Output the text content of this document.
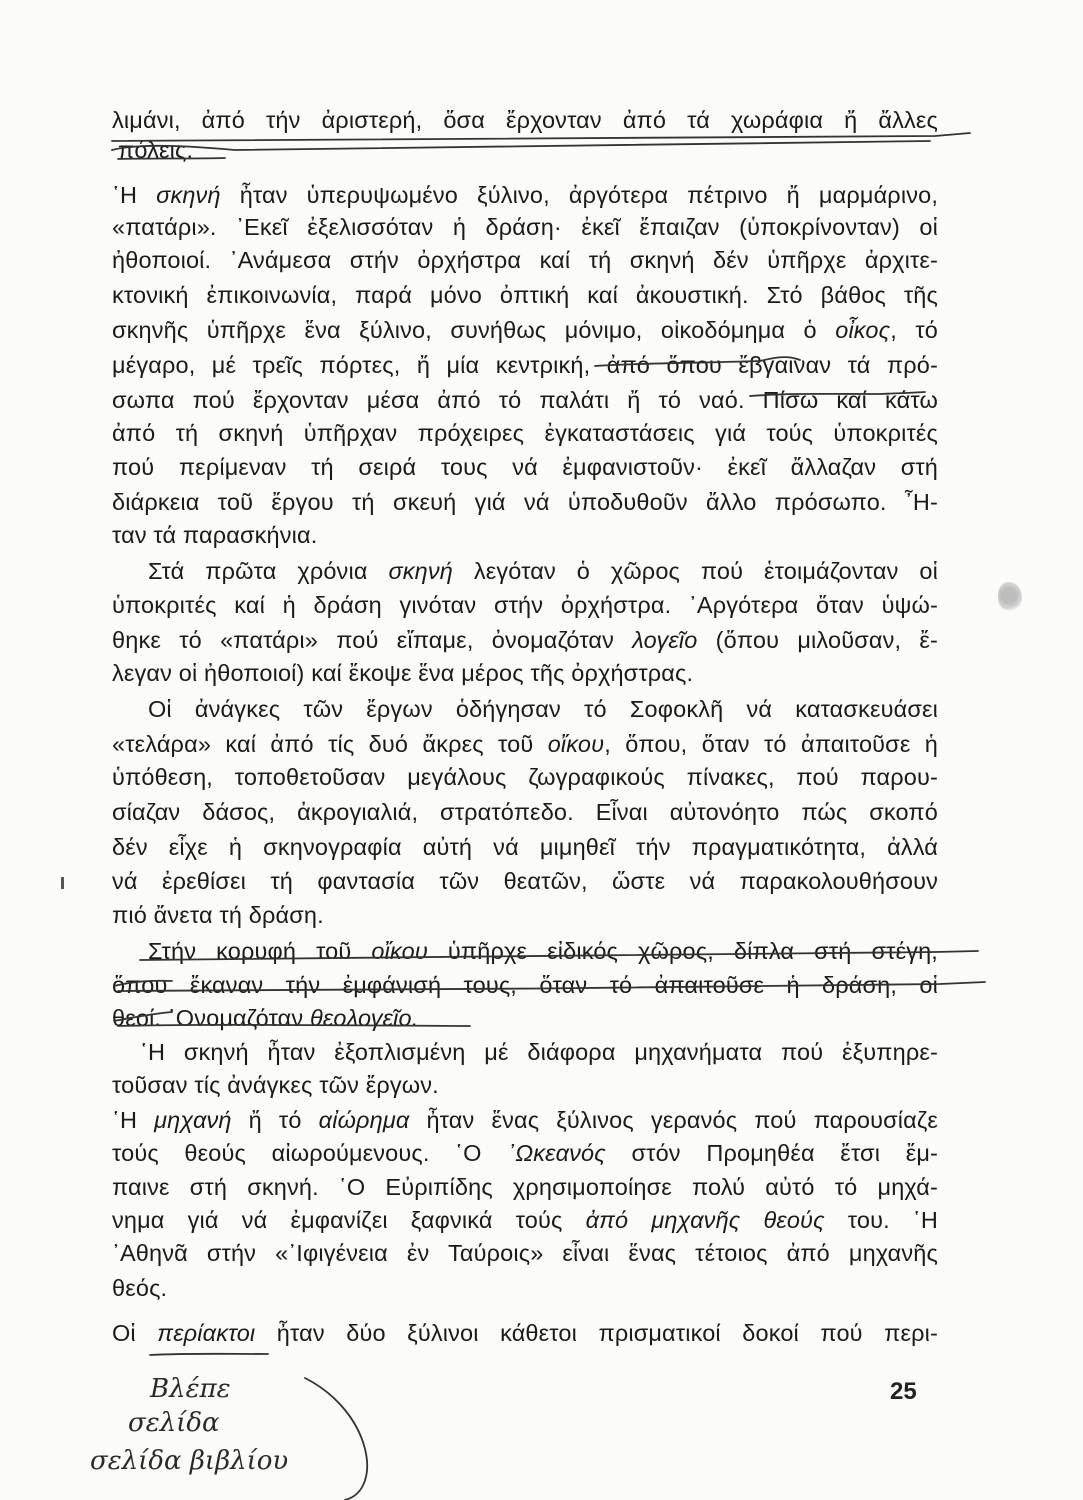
λιμάνι, ἀπό τήν ἀριστερή, ὅσα ἔρχονταν ἀπό τά χωράφια ἤ ἄλλες
πόλεις.
῾Η σκηνή ἦταν ὑπερυψωμένο ξύλινο, ἀργότερα πέτρινο ἤ μαρμάρινο,
«πατάρι». ᾿Εκεῖ ἐξελισσόταν ἡ δράση· ἐκεῖ ἔπαιζαν (ὑποκρίνονταν) οἱ
ἠθοποιοί. ᾿Ανάμεσα στήν ὀρχήστρα καί τή σκηνή δέν ὑπῆρχε ἀρχιτε-
κτονική ἐπικοινωνία, παρά μόνο ὀπτική καί ἀκουστική. Στό βάθος τῆς
σκηνῆς ὑπῆρχε ἕνα ξύλινο, συνήθως μόνιμο, οἰκοδόμημα ὁ οἶκος, τό
μέγαρο, μέ τρεῖς πόρτες, ἤ μία κεντρική, ἀπό ὅπου ἔβγαιναν τά πρό-
σωπα πού ἔρχονταν μέσα ἀπό τό παλάτι ἤ τό ναό. Πίσω καί κάτω
ἀπό τή σκηνή ὑπῆρχαν πρόχειρες ἐγκαταστάσεις γιά τούς ὑποκριτές
πού περίμεναν τή σειρά τους νά ἐμφανιστοῦν· ἐκεῖ ἄλλαζαν στή
διάρκεια τοῦ ἔργου τή σκευή γιά νά ὑποδυθοῦν ἄλλο πρόσωπο. ῏Η-
ταν τά παρασκήνια.
Στά πρῶτα χρόνια σκηνή λεγόταν ὁ χῶρος πού ἑτοιμάζονταν οἱ
ὑποκριτές καί ἡ δράση γινόταν στήν ὀρχήστρα. ᾿Αργότερα ὅταν ὑψώ-
θηκε τό «πατάρι» πού εἴπαμε, ὀνομαζόταν λογεῖο (ὅπου μιλοῦσαν, ἔ-
λεγαν οἱ ἠθοποιοί) καί ἔκοψε ἕνα μέρος τῆς ὀρχήστρας.
Οἱ ἀνάγκες τῶν ἔργων ὁδήγησαν τό Σοφοκλῆ νά κατασκευάσει
«τελάρα» καί ἀπό τίς δυό ἄκρες τοῦ οἴκου, ὅπου, ὅταν τό ἀπαιτοῦσε ἡ
ὑπόθεση, τοποθετοῦσαν μεγάλους ζωγραφικούς πίνακες, πού παρου-
σίαζαν δάσος, ἀκρογιαλιά, στρατόπεδο. Εἶναι αὐτονόητο πώς σκοπό
δέν εἶχε ἡ σκηνογραφία αὐτή νά μιμηθεῖ τήν πραγματικότητα, ἀλλά
νά ἐρεθίσει τή φαντασία τῶν θεατῶν, ὥστε νά παρακολουθήσουν
πιό ἄνετα τή δράση.
Στήν κορυφή τοῦ οἴκου ὑπῆρχε εἰδικός χῶρος, δίπλα στή στέγη,
ὅπου ἔκαναν τήν ἐμφάνισή τους, ὅταν τό ἀπαιτοῦσε ἡ δράση, οἱ
θεοί. ᾿Ονομαζόταν θεολογεῖο.
῾Η σκηνή ἦταν ἐξοπλισμένη μέ διάφορα μηχανήματα πού ἐξυπηρε-
τοῦσαν τίς ἀνάγκες τῶν ἔργων.
῾Η μηχανή ἤ τό αἰώρημα ἦταν ἕνας ξύλινος γερανός πού παρουσίαζε
τούς θεούς αἰωρούμενους. ῾Ο ᾿Ωκεανός στόν Προμηθέα ἔτσι ἔμ-
παινε στή σκηνή. ῾Ο Εὐριπίδης χρησιμοποίησε πολύ αὐτό τό μηχά-
νημα γιά νά ἐμφανίζει ξαφνικά τούς ἀπό μηχανῆς θεούς του. ῾Η
᾿Αθηνᾶ στήν «᾿Ιφιγένεια ἐν Ταύροις» εἶναι ἕνας τέτοιος ἀπό μηχανῆς
θεός.
Οἱ περίακτοι ἦταν δύο ξύλινοι κάθετοι πρισματικοί δοκοί πού περι-
Βλέπε
σελίδα
σελίδα βιβλίου
25
